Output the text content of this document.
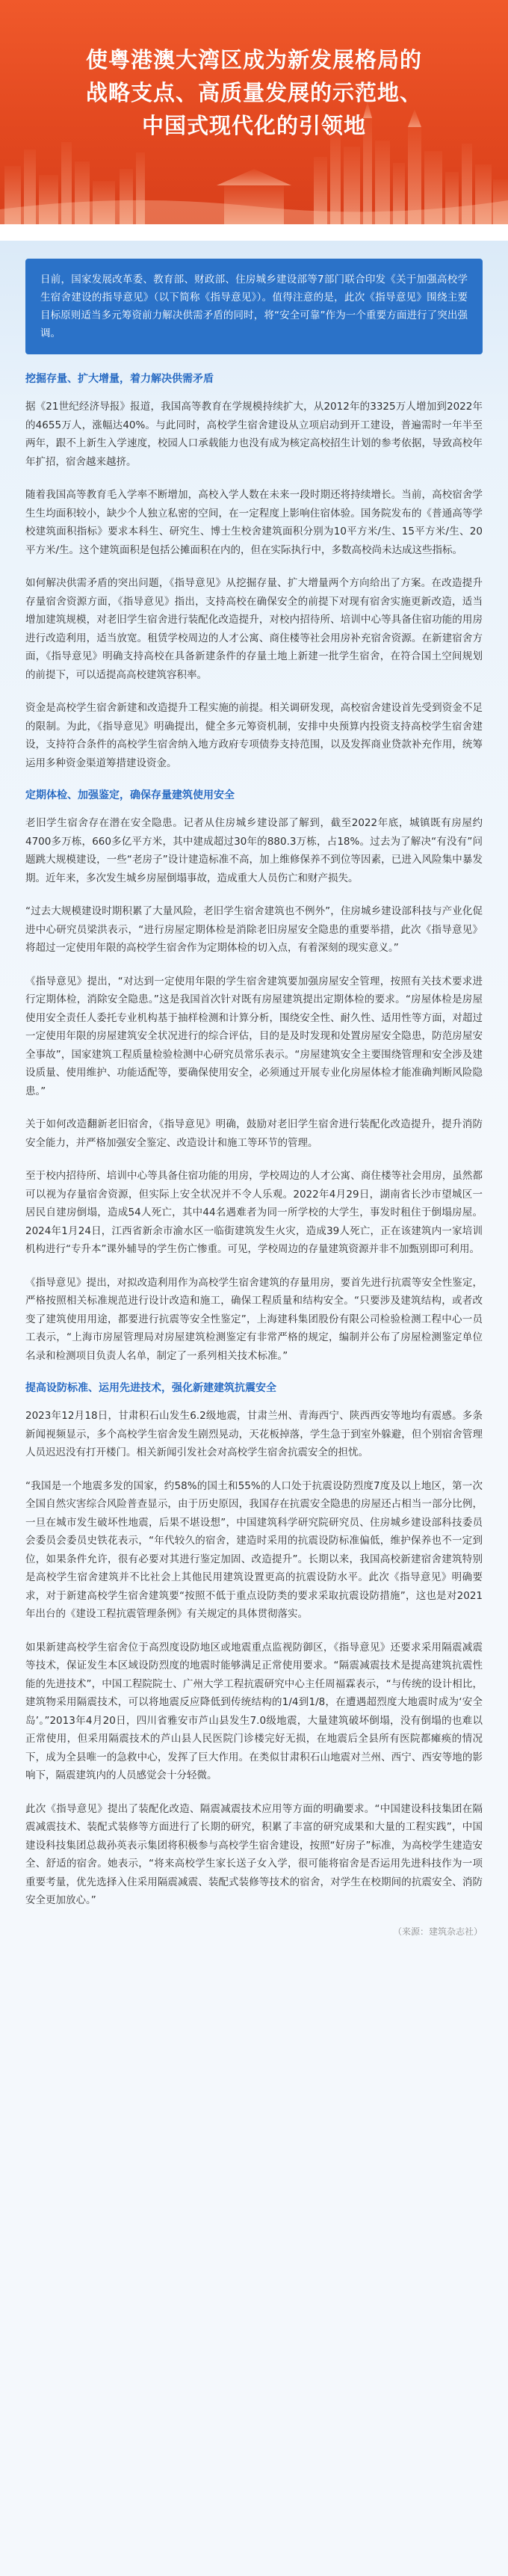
使粤港澳大湾区成为新发展格局的
战略支点、高质量发展的示范地、
中国式现代化的引领地
日前，国家发展改革委、教育部、财政部、住房城乡建设部等7部门联合印发《关于加强高校学生宿舍建设的指导意见》（以下简称《指导意见》）。值得注意的是，此次《指导意见》围绕主要目标原则适当多元筹资前力解决供需矛盾的同时，将“安全可靠”作为一个重要方面进行了突出强调。
挖掘存量、扩大增量，着力解决供需矛盾

据《21世纪经济导报》报道，我国高等教育在学规模持续扩大，从2012年的3325万人增加到2022年的4655万人，涨幅达40%。与此同时，高校学生宿舍建设从立项启动到开工建设，普遍需时一年半至两年，跟不上新生入学速度，校园人口承载能力也没有成为核定高校招生计划的参考依据，导致高校年年扩招，宿舍越来越挤。

随着我国高等教育毛入学率不断增加，高校入学人数在未来一段时期还将持续增长。当前，高校宿舍学生生均面积较小，缺少个人独立私密的空间，在一定程度上影响住宿体验。国务院发布的《普通高等学校建筑面积指标》要求本科生、研究生、博士生校舍建筑面积分别为10平方米/生、15平方米/生、20平方米/生。这个建筑面积是包括公摊面积在内的，但在实际执行中，多数高校尚未达成这些指标。

如何解决供需矛盾的突出问题，《指导意见》从挖掘存量、扩大增量两个方向给出了方案。在改造提升存量宿舍资源方面，《指导意见》指出，支持高校在确保安全的前提下对现有宿舍实施更新改造，适当增加建筑规模，对老旧学生宿舍进行装配化改造提升，对校内招待所、培训中心等具备住宿功能的用房进行改造利用，适当放宽。租赁学校周边的人才公寓、商住楼等社会用房补充宿舍资源。在新建宿舍方面，《指导意见》明确支持高校在具备新建条件的存量土地上新建一批学生宿舍，在符合国土空间规划的前提下，可以适提高高校建筑容积率。

资金是高校学生宿舍新建和改造提升工程实施的前提。相关调研发现，高校宿舍建设首先受到资金不足的限制。为此，《指导意见》明确提出，健全多元筹资机制，安排中央预算内投资支持高校学生宿舍建设，支持符合条件的高校学生宿舍纳入地方政府专项债券支持范围，以及发挥商业贷款补充作用，统筹运用多种资金渠道筹措建设资金。

定期体检、加强鉴定，确保存量建筑使用安全

老旧学生宿舍存在潜在安全隐患。记者从住房城乡建设部了解到，截至2022年底，城镇既有房屋约4700多万栋，660多亿平方米，其中建成超过30年的880.3万栋，占18%。过去为了解决“有没有”问题跳大规模建设，一些“老房子”设计建造标准不高，加上维修保养不到位等因素，已进入风险集中暴发期。近年来，多次发生城乡房屋倒塌事故，造成重大人员伤亡和财产损失。

“过去大规模建设时期积累了大量风险，老旧学生宿舍建筑也不例外”，住房城乡建设部科技与产业化促进中心研究员梁洪表示，“进行房屋定期体检是消除老旧房屋安全隐患的重要举措，此次《指导意见》将超过一定使用年限的高校学生宿舍作为定期体检的切入点，有着深刻的现实意义。”

《指导意见》提出，“对达到一定使用年限的学生宿舍建筑要加强房屋安全管理，按照有关技术要求进行定期体检，消除安全隐患。”这是我国首次针对既有房屋建筑提出定期体检的要求。“房屋体检是房屋使用安全责任人委托专业机构基于抽样检测和计算分析，围绕安全性、耐久性、适用性等方面，对超过一定使用年限的房屋建筑安全状况进行的综合评估，目的是及时发现和处置房屋安全隐患，防范房屋安全事故”，国家建筑工程质量检验检测中心研究员常乐表示。“房屋建筑安全主要围绕管理和安全涉及建设质量、使用维护、功能适配等，要确保使用安全，必须通过开展专业化房屋体检才能准确判断风险隐患。”

关于如何改造翻新老旧宿舍，《指导意见》明确，鼓励对老旧学生宿舍进行装配化改造提升，提升消防安全能力，并严格加强安全鉴定、改造设计和施工等环节的管理。

至于校内招待所、培训中心等具备住宿功能的用房，学校周边的人才公寓、商住楼等社会用房，虽然都可以视为存量宿舍资源，但实际上安全状况并不令人乐观。2022年4月29日，湖南省长沙市望城区一居民自建房倒塌，造成54人死亡，其中44名遇难者为同一所学校的大学生，事发时租住于倒塌房屋。2024年1月24日，江西省新余市渝水区一临街建筑发生火灾，造成39人死亡，正在该建筑内一家培训机构进行“专升本”课外辅导的学生伤亡惨重。可见，学校周边的存量建筑资源并非不加甄别即可利用。

《指导意见》提出，对拟改造利用作为高校学生宿舍建筑的存量用房，要首先进行抗震等安全性鉴定，严格按照相关标准规范进行设计改造和施工，确保工程质量和结构安全。“只要涉及建筑结构，或者改变了建筑使用用途，都要进行抗震等安全性鉴定”，上海建科集团股份有限公司检验检测工程中心一员工表示，“上海市房屋管理局对房屋建筑检测鉴定有非常严格的规定，编制并公布了房屋检测鉴定单位名录和检测项目负责人名单，制定了一系列相关技术标准。”

提高设防标准、运用先进技术，强化新建建筑抗震安全

2023年12月18日，甘肃积石山发生6.2级地震，甘肃兰州、青海西宁、陕西西安等地均有震感。多条新闻视频显示，多个高校学生宿舍发生剧烈晃动，天花板掉落，学生急于到室外躲避，但个别宿舍管理人员迟迟没有打开楼门。相关新闻引发社会对高校学生宿舍抗震安全的担忧。

“我国是一个地震多发的国家，约58%的国土和55%的人口处于抗震设防烈度7度及以上地区，第一次全国自然灾害综合风险普查显示，由于历史原因，我国存在抗震安全隐患的房屋还占相当一部分比例，一旦在城市发生破坏性地震，后果不堪设想”，中国建筑科学研究院研究员、住房城乡建设部科技委员会委员会委员史铁花表示，“年代较久的宿舍，建造时采用的抗震设防标准偏低，维护保养也不一定到位，如果条件允许，很有必要对其进行鉴定加固、改造提升”。长期以来，我国高校新建宿舍建筑特别是高校学生宿舍建筑并不比社会上其他民用建筑设置更高的抗震设防水平。此次《指导意见》明确要求，对于新建高校学生宿舍建筑要“按照不低于重点设防类的要求采取抗震设防措施”，这也是对2021年出台的《建设工程抗震管理条例》有关规定的具体贯彻落实。

如果新建高校学生宿舍位于高烈度设防地区或地震重点监视防御区，《指导意见》还要求采用隔震减震等技术，保证发生本区域设防烈度的地震时能够满足正常使用要求。“隔震减震技术是提高建筑抗震性能的先进技术”，中国工程院院士、广州大学工程抗震研究中心主任周福霖表示，“与传统的设计相比，建筑物采用隔震技术，可以将地震反应降低到传统结构的1/4到1/8，在遭遇超烈度大地震时成为‘安全岛’。”2013年4月20日，四川省雅安市芦山县发生7.0级地震，大量建筑破坏倒塌，没有倒塌的也难以正常使用，但采用隔震技术的芦山县人民医院门诊楼完好无损，在地震后全县所有医院都瘫痪的情况下，成为全县唯一的急救中心，发挥了巨大作用。在类似甘肃积石山地震对兰州、西宁、西安等地的影响下，隔震建筑内的人员感觉会十分轻微。

此次《指导意见》提出了装配化改造、隔震减震技术应用等方面的明确要求。“中国建设科技集团在隔震减震技术、装配式装修等方面进行了长期的研究，积累了丰富的研究成果和大量的工程实践”，中国建设科技集团总裁孙英表示集团将积极参与高校学生宿舍建设，按照“好房子”标准，为高校学生建造安全、舒适的宿舍。她表示，“将来高校学生家长送子女入学，很可能将宿舍是否运用先进科技作为一项重要考量，优先选择入住采用隔震减震、装配式装修等技术的宿舍，对学生在校期间的抗震安全、消防安全更加放心。”

（来源：建筑杂志社）
